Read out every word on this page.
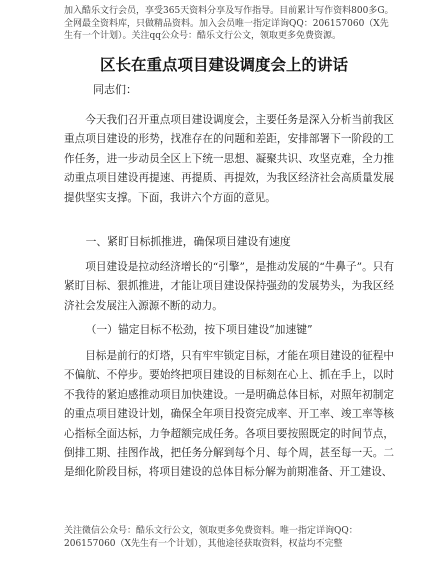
加入酷乐文行会员，享受365天资料分享及写作指导。目前累计写作资料800多G。全网最全资料库，只做精品资料。加入会员唯一指定详询QQ：206157060（X先生有一个计划）。关注qq公众号：酷乐文行公文，领取更多免费资源。
区长在重点项目建设调度会上的讲话
同志们：
今天我们召开重点项目建设调度会，主要任务是深入分析当前我区重点项目建设的形势，找准存在的问题和差距，安排部署下一阶段的工作任务，进一步动员全区上下统一思想、凝聚共识、攻坚克难，全力推动重点项目建设再提速、再提质、再提效，为我区经济社会高质量发展提供坚实支撑。下面，我讲六个方面的意见。
一、紧盯目标抓推进，确保项目建设有速度
项目建设是拉动经济增长的“引擎”，是推动发展的“牛鼻子”。只有紧盯目标、狠抓推进，才能让项目建设保持强劲的发展势头，为我区经济社会发展注入源源不断的动力。
（一）锚定目标不松劲，按下项目建设“加速键”
目标是前行的灯塔，只有牢牢锁定目标，才能在项目建设的征程中不偏航、不停步。要始终把项目建设的目标刻在心上、抓在手上，以时不我待的紧迫感推动项目加快建设。一是明确总体目标，对照年初制定的重点项目建设计划，确保全年项目投资完成率、开工率、竣工率等核心指标全面达标，力争超额完成任务。各项目要按照既定的时间节点，倒排工期、挂图作战，把任务分解到每个月、每个周，甚至每一天。二是细化阶段目标，将项目建设的总体目标分解为前期准备、开工建设、
关注微信公众号：酷乐文行公文，领取更多免费资料。唯一指定详询QQ：206157060（X先生有一个计划），其他途径获取资料，权益均不完整
